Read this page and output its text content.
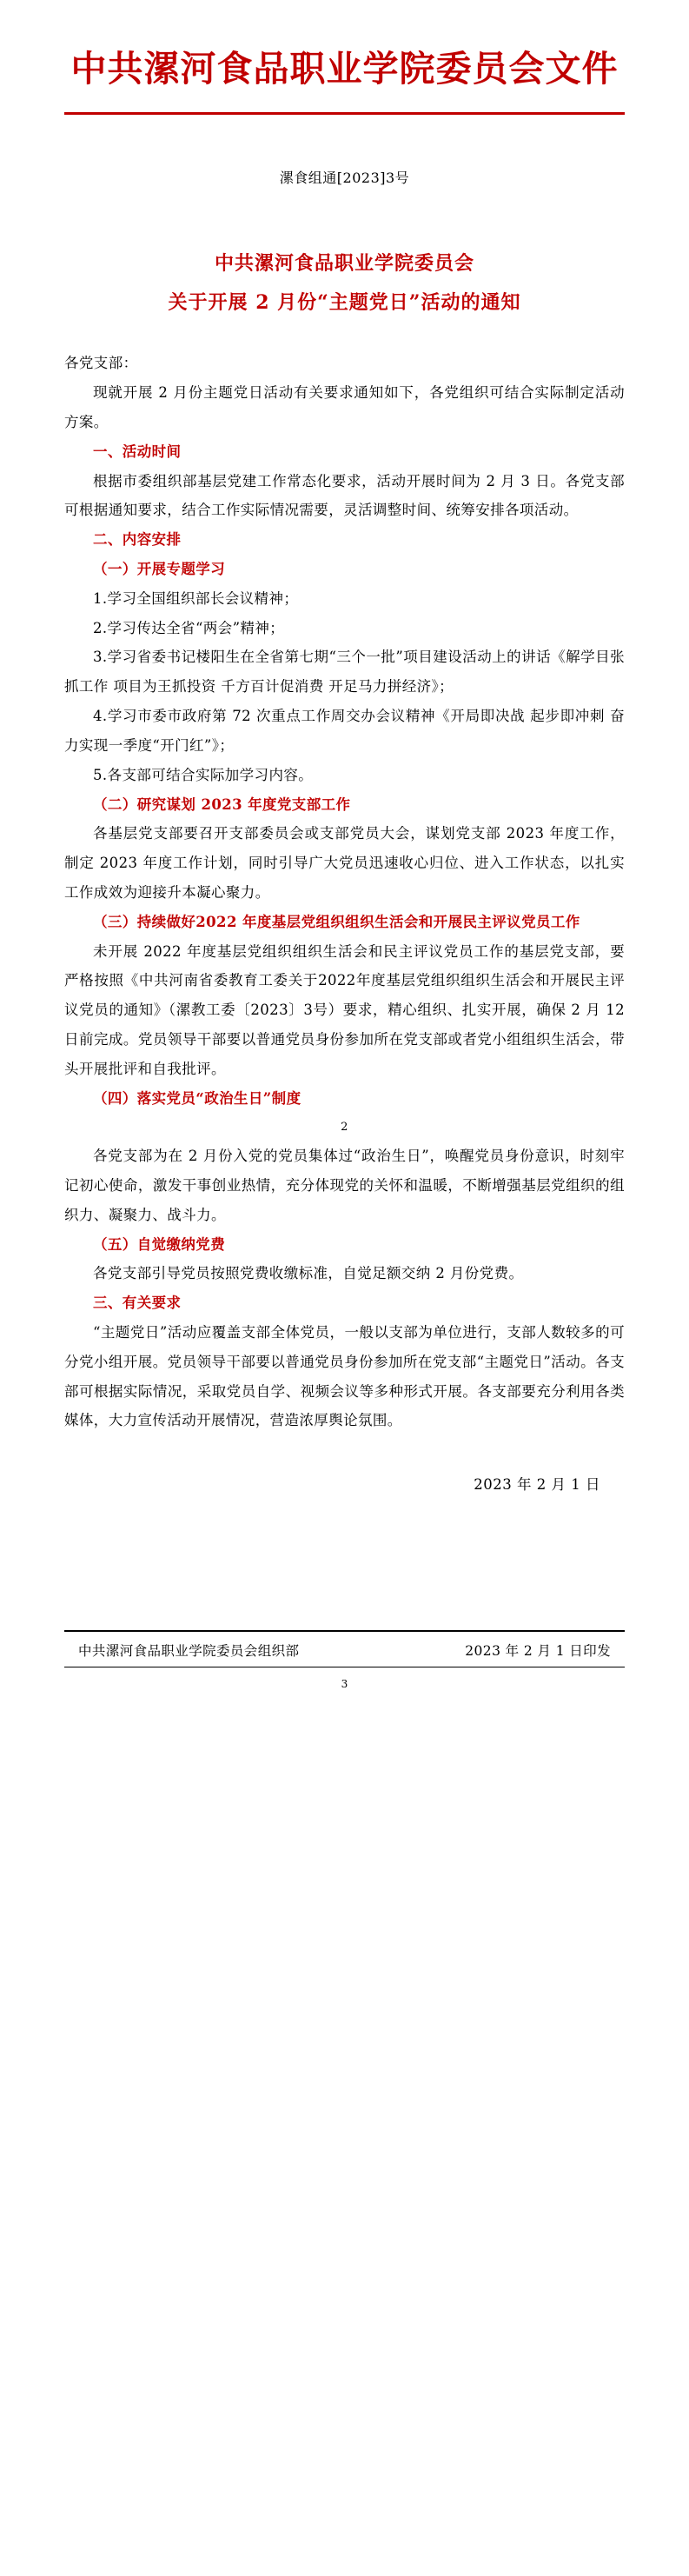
中共漯河食品职业学院委员会文件
漯食组通[2023]3号
中共漯河食品职业学院委员会
关于开展 2 月份“主题党日”活动的通知

各党支部：

现就开展 2 月份主题党日活动有关要求通知如下，各党组织可结合实际制定活动方案。

一、活动时间

根据市委组织部基层党建工作常态化要求，活动开展时间为 2 月 3 日。各党支部可根据通知要求，结合工作实际情况需要，灵活调整时间、统筹安排各项活动。

二、内容安排

（一）开展专题学习

1.学习全国组织部长会议精神；

2.学习传达全省“两会”精神；

3.学习省委书记楼阳生在全省第七期“三个一批”项目建设活动上的讲话《解学目张抓工作 项目为王抓投资 千方百计促消费 开足马力拼经济》；

4.学习市委市政府第 72 次重点工作周交办会议精神《开局即决战 起步即冲刺 奋力实现一季度“开门红”》；

5.各支部可结合实际加学习内容。

（二）研究谋划 2023 年度党支部工作

各基层党支部要召开支部委员会或支部党员大会，谋划党支部 2023 年度工作，制定 2023 年度工作计划，同时引导广大党员迅速收心归位、进入工作状态，以扎实工作成效为迎接升本凝心聚力。

（三）持续做好2022 年度基层党组织组织生活会和开展民主评议党员工作

未开展 2022 年度基层党组织组织生活会和民主评议党员工作的基层党支部，要严格按照《中共河南省委教育工委关于2022年度基层党组织组织生活会和开展民主评议党员的通知》（漯教工委〔2023〕3号）要求，精心组织、扎实开展，确保 2 月 12 日前完成。党员领导干部要以普通党员身份参加所在党支部或者党小组组织生活会，带头开展批评和自我批评。

（四）落实党员“政治生日”制度

2

各党支部为在 2 月份入党的党员集体过“政治生日”，唤醒党员身份意识，时刻牢记初心使命，激发干事创业热情，充分体现党的关怀和温暖，不断增强基层党组织的组织力、凝聚力、战斗力。

（五）自觉缴纳党费

各党支部引导党员按照党费收缴标准，自觉足额交纳 2 月份党费。

三、有关要求

“主题党日”活动应覆盖支部全体党员，一般以支部为单位进行，支部人数较多的可分党小组开展。党员领导干部要以普通党员身份参加所在党支部“主题党日”活动。各支部可根据实际情况，采取党员自学、视频会议等多种形式开展。各支部要充分利用各类媒体，大力宣传活动开展情况，营造浓厚舆论氛围。

2023 年 2 月 1 日
中共漯河食品职业学院委员会组织部	2023 年 2 月 1 日印发
3
